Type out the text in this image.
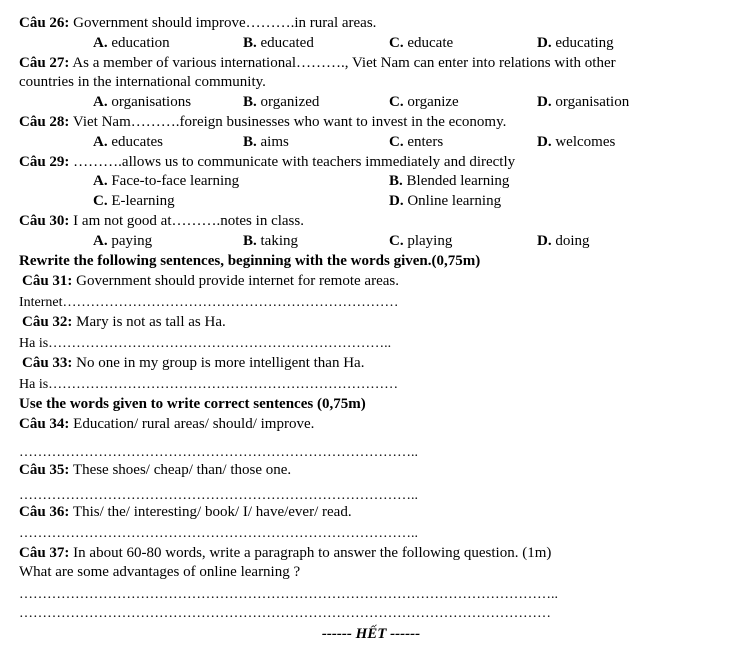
Câu 26: Government should improve……….in rural areas.
A. education	B. educated	C. educate	D. educating
Câu 27: As a member of various international………., Viet Nam can enter into relations with other
countries in the international community.
A. organisations	B. organized	C. organize	D. organisation
Câu 28: Viet Nam……….foreign businesses who want to invest in the economy.
A. educates	B. aims	C. enters	D. welcomes
Câu 29: ……….allows us to communicate with teachers immediately and directly
A. Face-to-face learning	B. Blended learning
C. E-learning	D. Online learning
Câu 30: I am not good at……….notes in class.
A. paying	B. taking	C. playing	D. doing
Rewrite the following sentences, beginning with the words given.(0,75m)
Câu 31: Government should provide internet for remote areas.
Internet………………………………………………………………
Câu 32: Mary is not as tall as Ha.
Ha is………………………………………………………………..
Câu 33: No one in my group is more intelligent than Ha.
Ha is…………………………………………………………………
Use the words given to write correct sentences (0,75m)
Câu 34: Education/ rural areas/ should/ improve.
…………………………………………………………………………..
Câu 35: These shoes/ cheap/ than/ those one.
…………………………………………………………………………..
Câu 36: This/ the/ interesting/ book/ I/ have/ever/ read.
…………………………………………………………………………..
Câu 37: In about 60-80 words, write a paragraph to answer the following question. (1m)
What are some advantages of online learning ?
……………………………………………………………………………………………………..
……………………………………………………………………………………………………
------ HẾT ------
